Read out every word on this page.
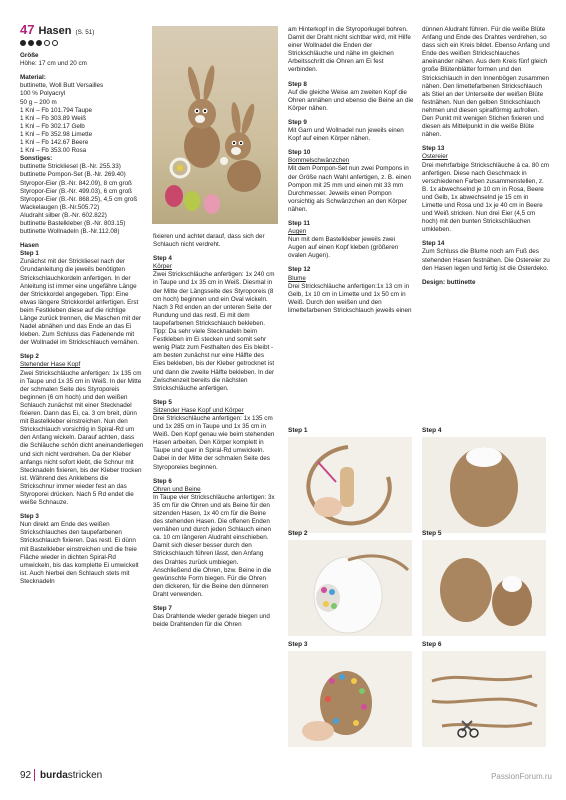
47 Hasen (S. 51)

Größe

Höhe: 17 cm und 20 cm

Material:

buttinette, Woll Butt Versailles
100 % Polyacryl
50 g – 200 m
1 Knl – Fb 101.794 Taupe
1 Knl – Fb 303.89 Weiß
1 Knl – Fb 302.17 Gelb
1 Knl – Fb 352.98 Limette
1 Knl – Fb 142.67 Beere
1 Knl – Fb 353.00 Rosa

Sonstiges:

buttinette Strickliesel (B.-Nr. 255.33)
buttinette Pompon-Set (B.-Nr. 269.40)
Styropor-Eier (B.-Nr. 842.09), 8 cm groß
Styropor-Eier (B.-Nr. 499.03), 6 cm groß
Styropor-Eier (B.-Nr. 868.25), 4,5 cm groß
Wackelaugen (B.-Nr.505.72)
Aludraht silber (B.-Nr. 602.822)
buttinette Bastelkleber (B.-Nr. 803.15)
buttinette Wollnadeln (B.-Nr.112.08)

Hasen

Step 1

Zunächst mit der Strickliesel nach der Grundanleitung die jeweils benötigten Strickschlauchkordeln anfertigen. In der Anleitung ist immer eine ungefähre Länge der Strickkordel angegeben. Tipp: Eine etwas längere Strickkordel anfertigen. Erst beim Festkleben diese auf die richtige Länge zurück trennen, die Maschen mit der Nadel abnähen und das Ende an das Ei kleben. Zum Schluss das Fadenende mit der Wollnadel im Strickschlauch vernähen.

Step 2

Stehender Hase Kopf

Zwei Strickschläuche anfertigen: 1x 135 cm in Taupe und 1x 35 cm in Weiß. In der Mitte der schmalen Seite des Styroporeis beginnen (6 cm hoch) und den weißen Schlauch zunächst mit einer Stecknadel fixieren. Dann das Ei, ca. 3 cm breit, dünn mit Bastelkleber einstreichen. Nun den Strickschlauch vorsichtig in Spiral-Rd um den Anfang wickeln. Darauf achten, dass die Schläuche schön dicht aneinanderliegen und sich nicht verdrehen. Da der Kleber anfangs nicht sofort klebt, die Schnur mit Stecknadeln fixieren, bis der Kleber trocken ist. Während des Anklebens die Strickschnur immer wieder fest an das Styroporei drücken. Nach 5 Rd endet die weiße Schnauze.

Step 3

Nun direkt am Ende des weißen Strickschlauches den taupefarbenen Strickschlauch fixieren. Das restl. Ei dünn mit Bastelkleber einstreichen und die freie Fläche wieder in dichten Spiral-Rd umwickeln, bis das komplette Ei umwickelt ist. Auch hierbei den Schlauch stets mit Stecknadeln

fixieren und achtet darauf, dass sich der Schlauch nicht verdreht.

Step 4

Körper

Zwei Strickschläuche anfertigen: 1x 240 cm in Taupe und 1x 35 cm in Weiß. Diesmal in der Mitte der Längsseite des Styroporeis (8 cm hoch) beginnen und ein Oval wickeln. Nach 3 Rd enden an der unteren Seite der Rundung und das restl. Ei mit dem taupefarbenen Strickschlauch bekleben. Tipp: Da sehr viele Stecknadeln beim Festkleben im Ei stecken und somit sehr wenig Platz zum Festhalten des Eis bleibt - am besten zunächst nur eine Hälfte des Eies bekleben, bis der Kleber getrocknet ist und dann die zweite Hälfte bekleben. In der Zwischenzeit bereits die nächsten Strickschläuche anfertigen.

Step 5

Sitzender Hase Kopf und Körper

Drei Strickschläuche anfertigen: 1x 135 cm und 1x 285 cm in Taupe und 1x 35 cm in Weiß. Den Kopf genau wie beim stehenden Hasen arbeiten. Den Körper komplett in Taupe und quer in Spiral-Rd umwickeln. Dabei in der Mitte der schmalen Seite des Styroporeies beginnen.

Step 6

Ohren und Beine

In Taupe vier Strickschläuche anfertigen: 3x 35 cm für die Ohren und als Beine für den sitzenden Hasen, 1x 40 cm für die Beine des stehenden Hasen. Die offenen Enden vernähen und durch jeden Schlauch einen ca. 10 cm längeren Aludraht einschieben. Damit sich dieser besser durch den Strickschlauch führen lässt, den Anfang des Drahtes zurück umbiegen. Anschließend die Ohren, bzw. Beine in die gewünschte Form biegen. Für die Ohren den dickeren, für die Beine den dünneren Draht verwenden.

Step 7

Das Drahtende wieder gerade biegen und beide Drahtenden für die Ohren

am Hinterkopf in die Styroporkugel bohren. Damit der Draht nicht sichtbar wird, mit Hilfe einer Wollnadel die Enden der Strickschläuche und nähe im gleichen Arbeitsschritt die Ohren am Ei fest verbinden.

Step 8

Auf die gleiche Weise am zweiten Kopf die Ohren annähen und ebenso die Beine an die Körper nähen.

Step 9

Mit Garn und Wollnadel nun jeweils einen Kopf auf einen Körper nähen.

Step 10

Bommelschwänzchen

Mit dem Pompon-Set nun zwei Pompons in der Größe nach Wahl anfertigen, z. B. einen Pompon mit 25 mm und einen mit 33 mm Durchmesser. Jeweils einen Pompon vorsichtig als Schwänzchen an den Körper nähen.

Step 11

Augen

Nun mit dem Bastelkleber jeweils zwei Augen auf einen Kopf kleben (größeren ovalen Augen).

Step 12

Blume

Drei Strickschläuche anfertigen:1x 13 cm in Gelb, 1x 10 cm in Limette und 1x 50 cm in Weiß. Durch den weißen und den limettefarbenen Strickschlauch jeweils einen

dünnen Aludraht führen. Für die weiße Blüte Anfang und Ende des Drahtes verdrehen, so dass sich ein Kreis bildet. Ebenso Anfang und Ende des weißen Strickschlauches aneinander nähen. Aus dem Kreis fünf gleich große Blütenblätter formen und den Strickschlauch in den Innenbögen zusammen nähen. Den limettefarbenen Strickschlauch als Stiel an der Unterseite der weißen Blüte festnähen. Nun den gelben Strickschlauch nehmen und diesen spiralförmig aufrollen. Den Punkt mit wenigen Stichen fixieren und diesen als Mittelpunkt in die weiße Blüte nähen.

Step 13

Ostereier

Drei mehrfarbige Strickschläuche á ca. 80 cm anfertigen. Diese nach Geschmack in verschiedenen Farben zusammenstellen, z. B. 1x abwechselnd je 10 cm in Rosa, Beere und Gelb, 1x abwechselnd je 15 cm in Limette und Rosa und 1x je 40 cm in Beere und Weiß stricken. Nun drei Eier (4,5 cm hoch) mit den bunten Strickschläuchen umkleben.

Step 14

Zum Schluss die Blume noch am Fuß des stehenden Hasen festnähen. Die Ostereier zu den Hasen legen und fertig ist die Osterdeko.

Design: buttinette

Step 1
Step 2
Step 3
Step 4
Step 5
Step 6
92 burdastricken	PassionForum.ru
